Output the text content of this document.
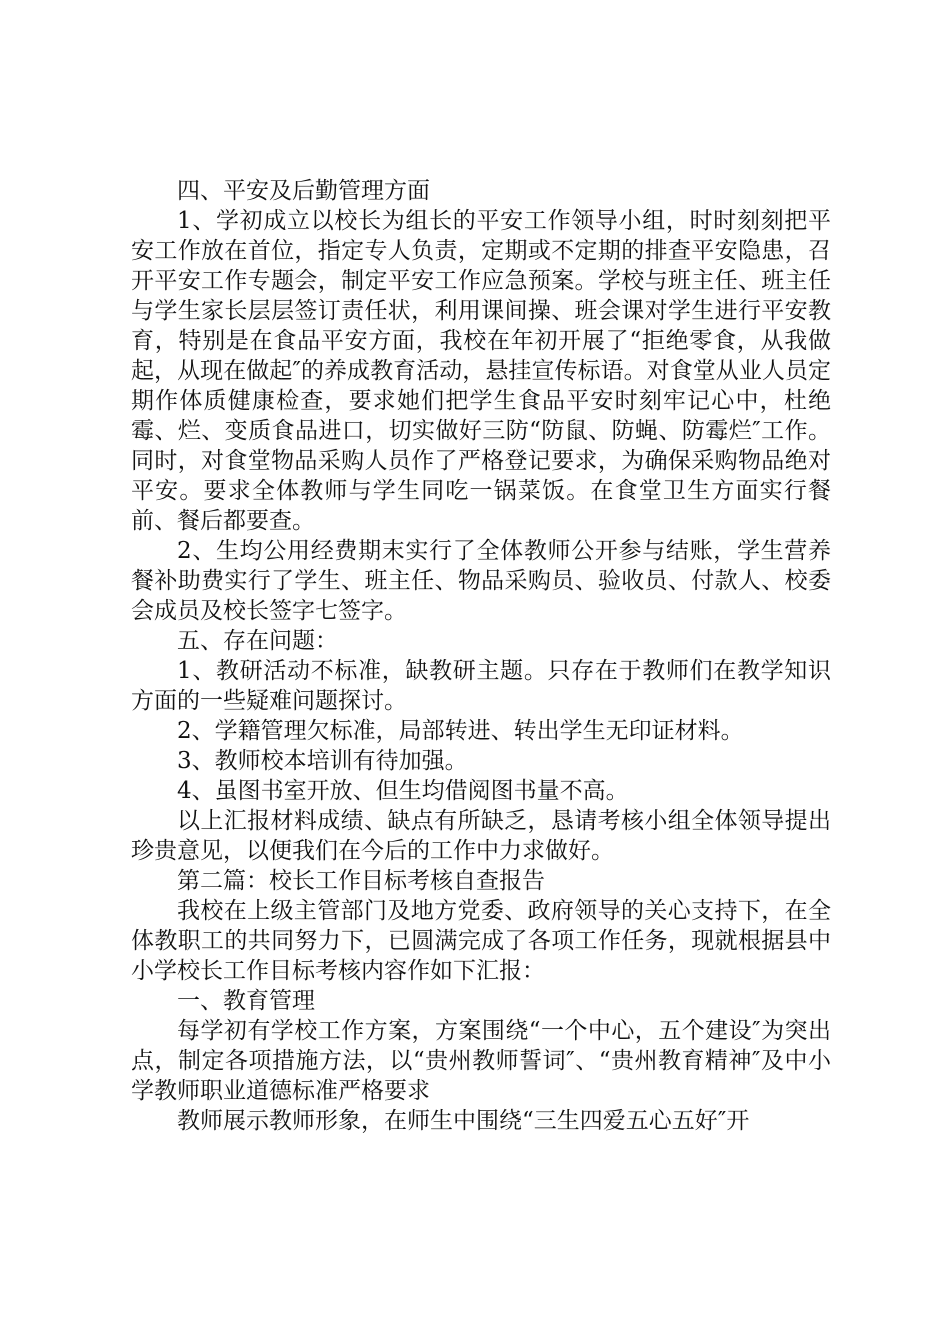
四、平安及后勤管理方面

1、学初成立以校长为组长的平安工作领导小组，时时刻刻把平安工作放在首位，指定专人负责，定期或不定期的排查平安隐患，召开平安工作专题会，制定平安工作应急预案。学校与班主任、班主任与学生家长层层签订责任状，利用课间操、班会课对学生进行平安教育，特别是在食品平安方面，我校在年初开展了“拒绝零食，从我做起，从现在做起″的养成教育活动，悬挂宣传标语。对食堂从业人员定期作体质健康检查，要求她们把学生食品平安时刻牢记心中，杜绝霉、烂、变质食品进口，切实做好三防“防鼠、防蝇、防霉烂″工作。同时，对食堂物品采购人员作了严格登记要求，为确保采购物品绝对平安。要求全体教师与学生同吃一锅菜饭。在食堂卫生方面实行餐前、餐后都要查。

2、生均公用经费期末实行了全体教师公开参与结账，学生营养餐补助费实行了学生、班主任、物品采购员、验收员、付款人、校委会成员及校长签字七签字。

五、存在问题：

1、教研活动不标准，缺教研主题。只存在于教师们在教学知识方面的一些疑难问题探讨。

2、学籍管理欠标准，局部转进、转出学生无印证材料。

3、教师校本培训有待加强。

4、虽图书室开放、但生均借阅图书量不高。

以上汇报材料成绩、缺点有所缺乏，恳请考核小组全体领导提出珍贵意见，以便我们在今后的工作中力求做好。

第二篇：校长工作目标考核自查报告

我校在上级主管部门及地方党委、政府领导的关心支持下，在全体教职工的共同努力下，已圆满完成了各项工作任务，现就根据县中小学校长工作目标考核内容作如下汇报：

一、教育管理

每学初有学校工作方案，方案围绕“一个中心，五个建设″为突出点，制定各项措施方法，以“贵州教师誓词″、“贵州教育精神″及中小学教师职业道德标准严格要求

教师展示教师形象，在师生中围绕“三生四爱五心五好″开
